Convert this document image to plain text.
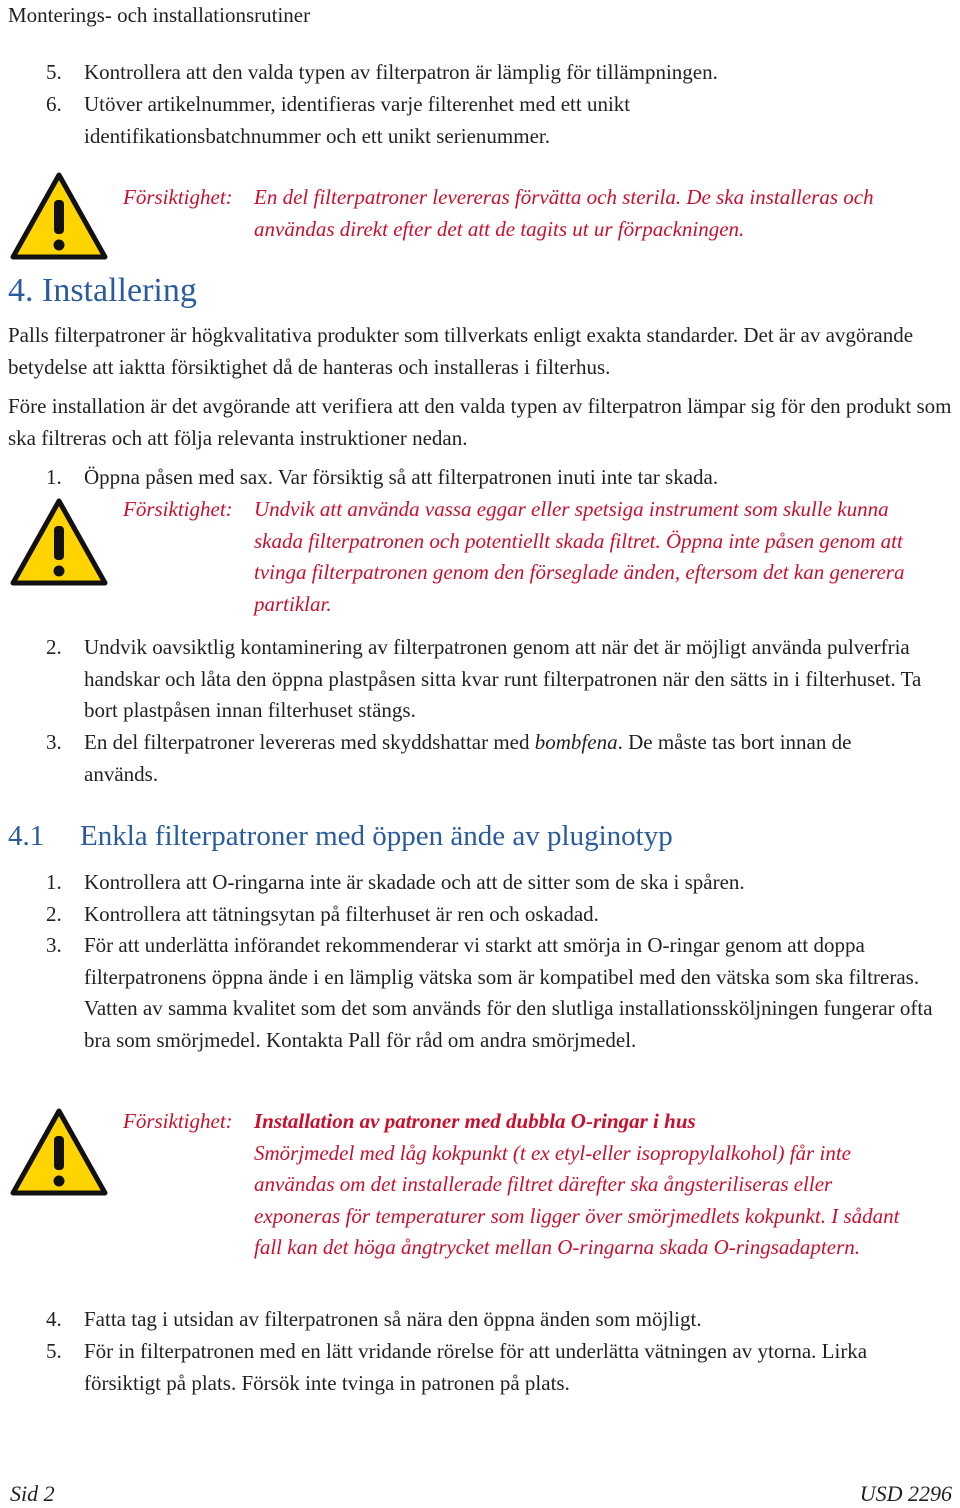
Monterings- och installationsrutiner
5. Kontrollera att den valda typen av filterpatron är lämplig för tillämpningen.
6. Utöver artikelnummer, identifieras varje filterenhet med ett unikt identifikationsbatchnummer och ett unikt serienummer.
Försiktighet: En del filterpatroner levereras förvätta och sterila. De ska installeras och användas direkt efter det att de tagits ut ur förpackningen.
4. Installering
Palls filterpatroner är högkvalitativa produkter som tillverkats enligt exakta standarder. Det är av avgörande betydelse att iaktta försiktighet då de hanteras och installeras i filterhus.
Före installation är det avgörande att verifiera att den valda typen av filterpatron lämpar sig för den produkt som ska filtreras och att följa relevanta instruktioner nedan.
1. Öppna påsen med sax. Var försiktig så att filterpatronen inuti inte tar skada.
Försiktighet: Undvik att använda vassa eggar eller spetsiga instrument som skulle kunna skada filterpatronen och potentiellt skada filtret. Öppna inte påsen genom att tvinga filterpatronen genom den förseglade änden, eftersom det kan generera partiklar.
2. Undvik oavsiktlig kontaminering av filterpatronen genom att när det är möjligt använda pulverfria handskar och låta den öppna plastpåsen sitta kvar runt filterpatronen när den sätts in i filterhuset. Ta bort plastpåsen innan filterhuset stängs.
3. En del filterpatroner levereras med skyddshattar med bombfena. De måste tas bort innan de används.
4.1 Enkla filterpatroner med öppen ände av pluginotyp
1. Kontrollera att O-ringarna inte är skadade och att de sitter som de ska i spåren.
2. Kontrollera att tätningsytan på filterhuset är ren och oskadad.
3. För att underlätta införandet rekommenderar vi starkt att smörja in O-ringar genom att doppa filterpatronens öppna ände i en lämplig vätska som är kompatibel med den vätska som ska filtreras. Vatten av samma kvalitet som det som används för den slutliga installationssköljningen fungerar ofta bra som smörjmedel. Kontakta Pall för råd om andra smörjmedel.
Försiktighet: Installation av patroner med dubbla O-ringar i hus
Smörjmedel med låg kokpunkt (t ex etyl-eller isopropylalkohol) får inte användas om det installerade filtret därefter ska ångsteriliseras eller exponeras för temperaturer som ligger över smörjmedlets kokpunkt. I sådant fall kan det höga ångtrycket mellan O-ringarna skada O-ringsadaptern.
4. Fatta tag i utsidan av filterpatronen så nära den öppna änden som möjligt.
5. För in filterpatronen med en lätt vridande rörelse för att underlätta vätningen av ytorna. Lirka försiktigt på plats. Försök inte tvinga in patronen på plats.
Sid 2	USD 2296
